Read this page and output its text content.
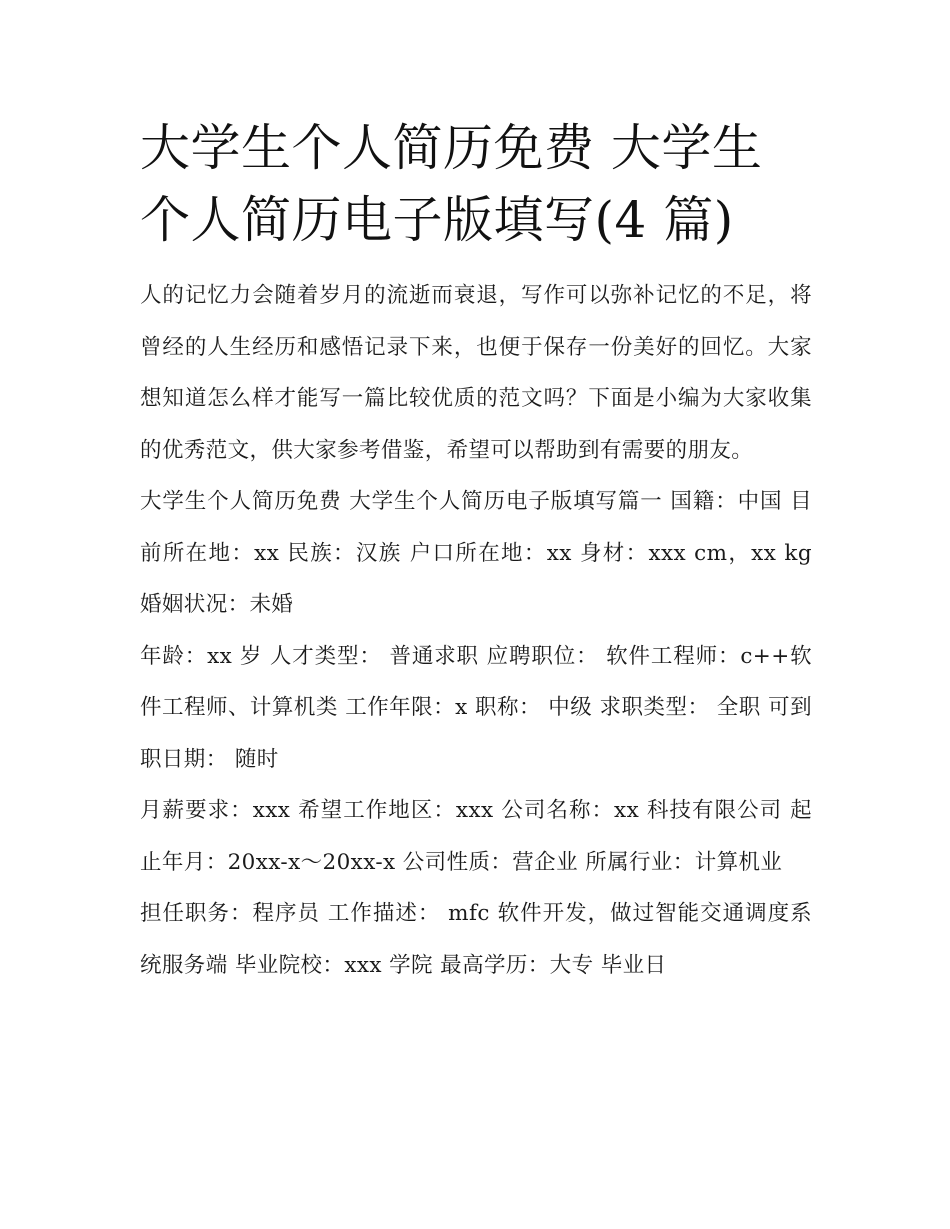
大学生个人简历免费 大学生个人简历电子版填写(4 篇)

人的记忆力会随着岁月的流逝而衰退，写作可以弥补记忆的不足，将曾经的人生经历和感悟记录下来，也便于保存一份美好的回忆。大家想知道怎么样才能写一篇比较优质的范文吗？下面是小编为大家收集的优秀范文，供大家参考借鉴，希望可以帮助到有需要的朋友。

大学生个人简历免费 大学生个人简历电子版填写篇一 国籍：中国 目前所在地：xx 民族：汉族 户口所在地：xx 身材：xxx cm，xx kg 婚姻状况：未婚

年龄：xx 岁 人才类型： 普通求职 应聘职位： 软件工程师：c++软件工程师、计算机类 工作年限：x 职称： 中级 求职类型： 全职 可到职日期： 随时

月薪要求：xxx 希望工作地区：xxx 公司名称：xx 科技有限公司 起止年月：20xx-x～20xx-x 公司性质：营企业 所属行业：计算机业

担任职务：程序员 工作描述： mfc 软件开发，做过智能交通调度系统服务端 毕业院校：xxx 学院 最高学历：大专 毕业日
